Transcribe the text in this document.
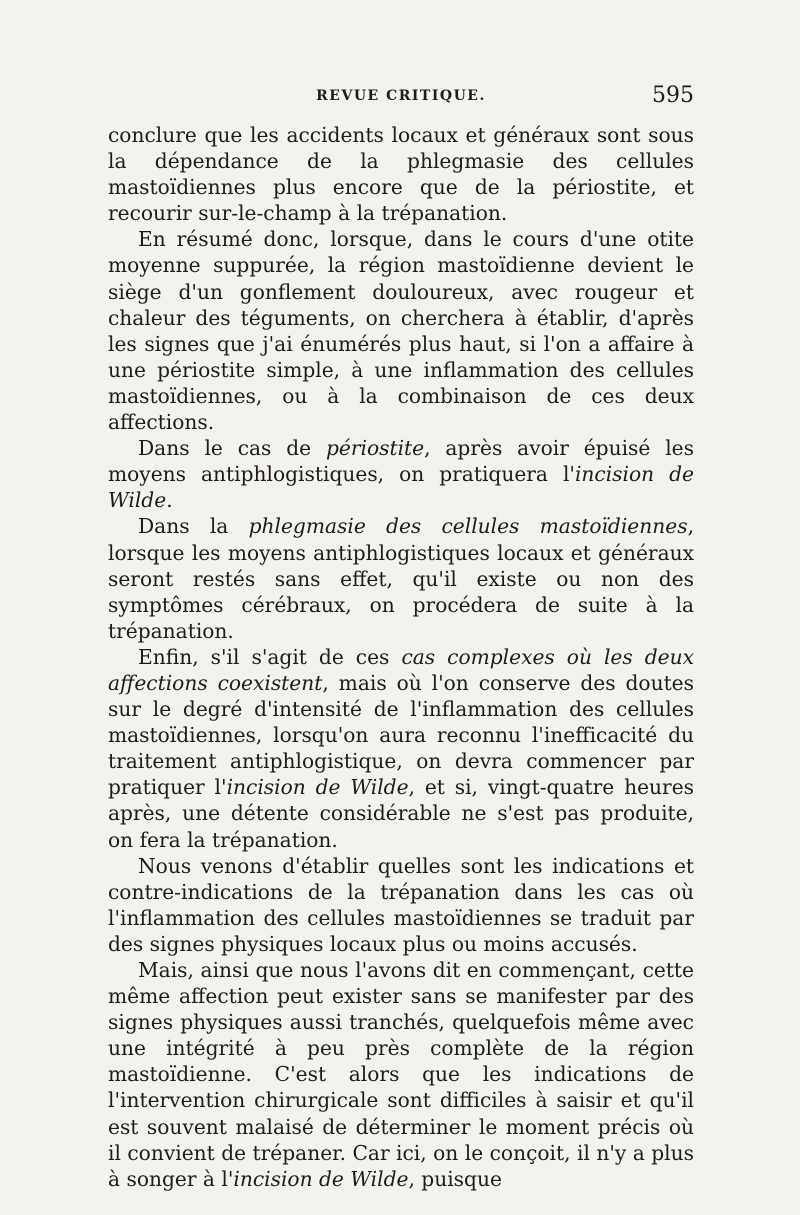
REVUE CRITIQUE.	595

conclure que les accidents locaux et généraux sont sous la dépendance de la phlegmasie des cellules mastoïdiennes plus encore que de la périostite, et recourir sur-le-champ à la trépanation.

En résumé donc, lorsque, dans le cours d'une otite moyenne suppurée, la région mastoïdienne devient le siège d'un gonflement douloureux, avec rougeur et chaleur des téguments, on cherchera à établir, d'après les signes que j'ai énumérés plus haut, si l'on a affaire à une périostite simple, à une inflammation des cellules mastoïdiennes, ou à la combinaison de ces deux affections.

Dans le cas de périostite, après avoir épuisé les moyens antiphlogistiques, on pratiquera l'incision de Wilde.

Dans la phlegmasie des cellules mastoïdiennes, lorsque les moyens antiphlogistiques locaux et généraux seront restés sans effet, qu'il existe ou non des symptômes cérébraux, on procédera de suite à la trépanation.

Enfin, s'il s'agit de ces cas complexes où les deux affections coexistent, mais où l'on conserve des doutes sur le degré d'intensité de l'inflammation des cellules mastoïdiennes, lorsqu'on aura reconnu l'inefficacité du traitement antiphlogistique, on devra commencer par pratiquer l'incision de Wilde, et si, vingt-quatre heures après, une détente considérable ne s'est pas produite, on fera la trépanation.

Nous venons d'établir quelles sont les indications et contre-indications de la trépanation dans les cas où l'inflammation des cellules mastoïdiennes se traduit par des signes physiques locaux plus ou moins accusés.

Mais, ainsi que nous l'avons dit en commençant, cette même affection peut exister sans se manifester par des signes physiques aussi tranchés, quelquefois même avec une intégrité à peu près complète de la région mastoïdienne. C'est alors que les indications de l'intervention chirurgicale sont difficiles à saisir et qu'il est souvent malaisé de déterminer le moment précis où il convient de trépaner. Car ici, on le conçoit, il n'y a plus à songer à l'incision de Wilde, puisque
